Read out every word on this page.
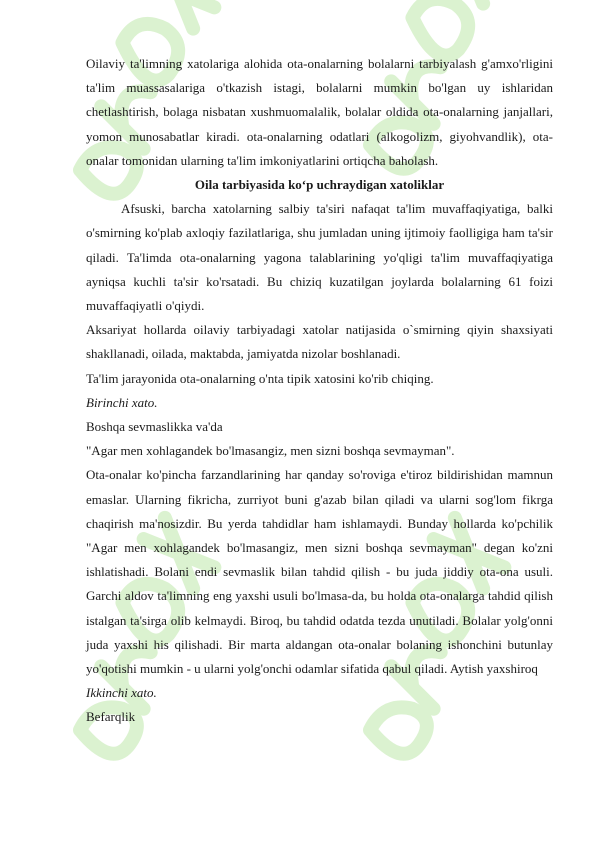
Oilaviy ta'limning xatolariga alohida ota-onalarning bolalarni tarbiyalash g'amxo'rligini ta'lim muassasalariga o'tkazish istagi, bolalarni mumkin bo'lgan uy ishlaridan chetlashtirish, bolaga nisbatan xushmuomalalik, bolalar oldida ota-onalarning janjallari, yomon munosabatlar kiradi. ota-onalarning odatlari (alkogolizm, giyohvandlik), ota-onalar tomonidan ularning ta'lim imkoniyatlarini ortiqcha baholash.

Oila tarbiyasida ko‘p uchraydigan xatoliklar

Afsuski, barcha xatolarning salbiy ta'siri nafaqat ta'lim muvaffaqiyatiga, balki o'smirning ko'plab axloqiy fazilatlariga, shu jumladan uning ijtimoiy faolligiga ham ta'sir qiladi. Ta'limda ota-onalarning yagona talablarining yo'qligi ta'lim muvaffaqiyatiga ayniqsa kuchli ta'sir ko'rsatadi. Bu chiziq kuzatilgan joylarda bolalarning 61 foizi muvaffaqiyatli o'qiydi.

Aksariyat hollarda oilaviy tarbiyadagi xatolar natijasida o`smirning qiyin shaxsiyati shakllanadi, oilada, maktabda, jamiyatda nizolar boshlanadi.

Ta'lim jarayonida ota-onalarning o'nta tipik xatosini ko'rib chiqing.

Birinchi xato.

Boshqa sevmaslikka va'da

"Agar men xohlagandek bo'lmasangiz, men sizni boshqa sevmayman".

Ota-onalar ko'pincha farzandlarining har qanday so'roviga e'tiroz bildirishidan mamnun emaslar. Ularning fikricha, zurriyot buni g'azab bilan qiladi va ularni sog'lom fikrga chaqirish ma'nosizdir. Bu yerda tahdidlar ham ishlamaydi. Bunday hollarda ko'pchilik "Agar men xohlagandek bo'lmasangiz, men sizni boshqa sevmayman" degan ko'zni ishlatishadi. Bolani endi sevmaslik bilan tahdid qilish - bu juda jiddiy ota-ona usuli. Garchi aldov ta'limning eng yaxshi usuli bo'lmasa-da, bu holda ota-onalarga tahdid qilish istalgan ta'sirga olib kelmaydi. Biroq, bu tahdid odatda tezda unutiladi. Bolalar yolg'onni juda yaxshi his qilishadi. Bir marta aldangan ota-onalar bolaning ishonchini butunlay yo'qotishi mumkin - u ularni yolg'onchi odamlar sifatida qabul qiladi. Aytish yaxshiroq

Ikkinchi xato.

Befarqlik
